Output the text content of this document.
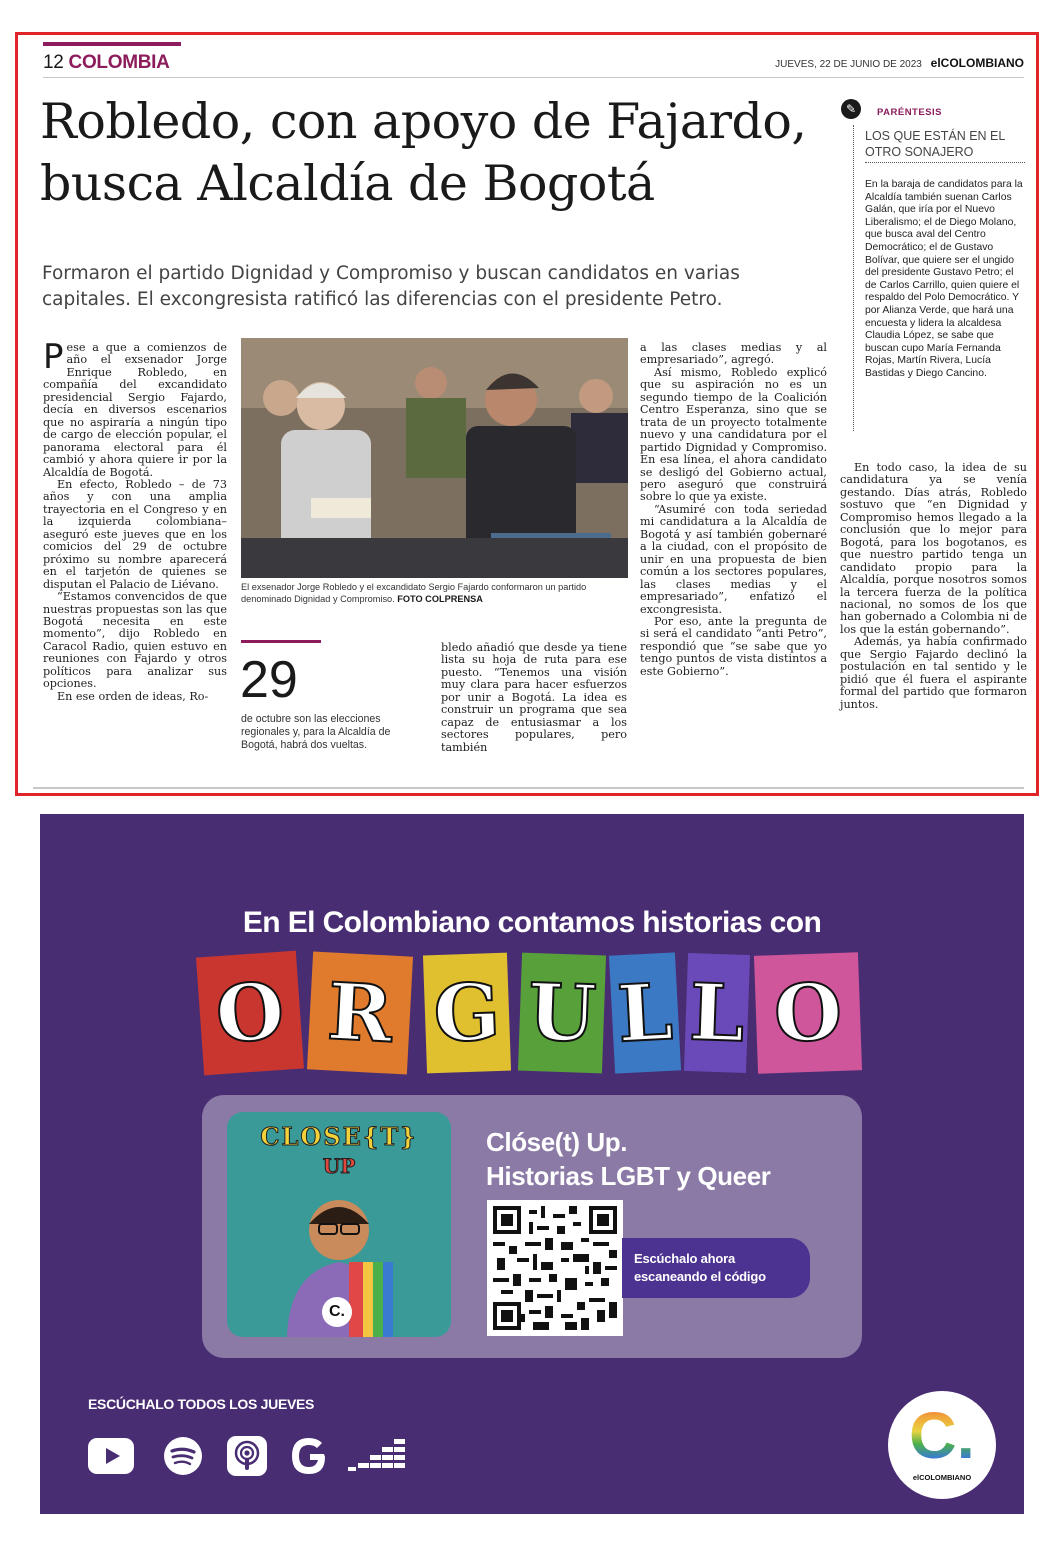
12 COLOMBIA	JUEVES, 22 DE JUNIO DE 2023 elCOLOMBIANO
Robledo, con apoyo de Fajardo, busca Alcaldía de Bogotá
Formaron el partido Dignidad y Compromiso y buscan candidatos en varias capitales. El excongresista ratificó las diferencias con el presidente Petro.
✎	PARÉNTESIS
LOS QUE ESTÁN EN EL OTRO SONAJERO
En la baraja de candidatos para la Alcaldía también suenan Carlos Galán, que iría por el Nuevo Liberalismo; el de Diego Molano, que busca aval del Centro Democrático; el de Gustavo Bolívar, que quiere ser el ungido del presidente Gustavo Petro; el de Carlos Carrillo, quien quiere el respaldo del Polo Democrático. Y por Alianza Verde, que hará una encuesta y lidera la alcaldesa Claudia López, se sabe que buscan cupo María Fernanda Rojas, Martín Rivera, Lucía Bastidas y Diego Cancino.

Pese a que a comienzos de año el exsenador Jorge Enrique Robledo, en compañía del excandidato presidencial Sergio Fajardo, decía en diversos escenarios que no aspiraría a ningún tipo de cargo de elección popular, el panorama electoral para él cambió y ahora quiere ir por la Alcaldía de Bogotá.

En efecto, Robledo – de 73 años y con una amplia trayectoria en el Congreso y en la izquierda colombiana– aseguró este jueves que en los comicios del 29 de octubre próximo su nombre aparecerá en el tarjetón de quienes se disputan el Palacio de Liévano.

“Estamos convencidos de que nuestras propuestas son las que Bogotá necesita en este momento”, dijo Robledo en Caracol Radio, quien estuvo en reuniones con Fajardo y otros políticos para analizar sus opciones.

En ese orden de ideas, Ro-

El exsenador Jorge Robledo y el excandidato Sergio Fajardo conformaron un partido denominado Dignidad y Compromiso. FOTO COLPRENSA
29
de octubre son las elecciones regionales y, para la Alcaldía de Bogotá, habrá dos vueltas.

bledo añadió que desde ya tiene lista su hoja de ruta para ese puesto. “Tenemos una visión muy clara para hacer esfuerzos por unir a Bogotá. La idea es construir un programa que sea capaz de entusiasmar a los sectores populares, pero también

a las clases medias y al empresariado”, agregó.

Así mismo, Robledo explicó que su aspiración no es un segundo tiempo de la Coalición Centro Esperanza, sino que se trata de un proyecto totalmente nuevo y una candidatura por el partido Dignidad y Compromiso. En esa línea, el ahora candidato se desligó del Gobierno actual, pero aseguró que construirá sobre lo que ya existe.

“Asumiré con toda seriedad mi candidatura a la Alcaldía de Bogotá y así también gobernaré a la ciudad, con el propósito de unir en una propuesta de bien común a los sectores populares, las clases medias y el empresariado”, enfatizó el excongresista.

Por eso, ante la pregunta de si será el candidato “anti Petro”, respondió que “se sabe que yo tengo puntos de vista distintos a este Gobierno”.

En todo caso, la idea de su candidatura ya se venía gestando. Días atrás, Robledo sostuvo que “en Dignidad y Compromiso hemos llegado a la conclusión que lo mejor para Bogotá, para los bogotanos, es que nuestro partido tenga un candidato propio para la Alcaldía, porque nosotros somos la tercera fuerza de la política nacional, no somos de los que han gobernado a Colombia ni de los que la están gobernando”.

Además, ya había confirmado que Sergio Fajardo declinó la postulación en tal sentido y le pidió que él fuera el aspirante formal del partido que formaron juntos.

En El Colombiano contamos historias con
O R G U L L O
CLOSE{T}
UP
C.
Clóse(t) Up.
Historias LGBT y Queer
Escúchalo ahora
escaneando el código
ESCÚCHALO TODOS LOS JUEVES	C.
elCOLOMBIANO
